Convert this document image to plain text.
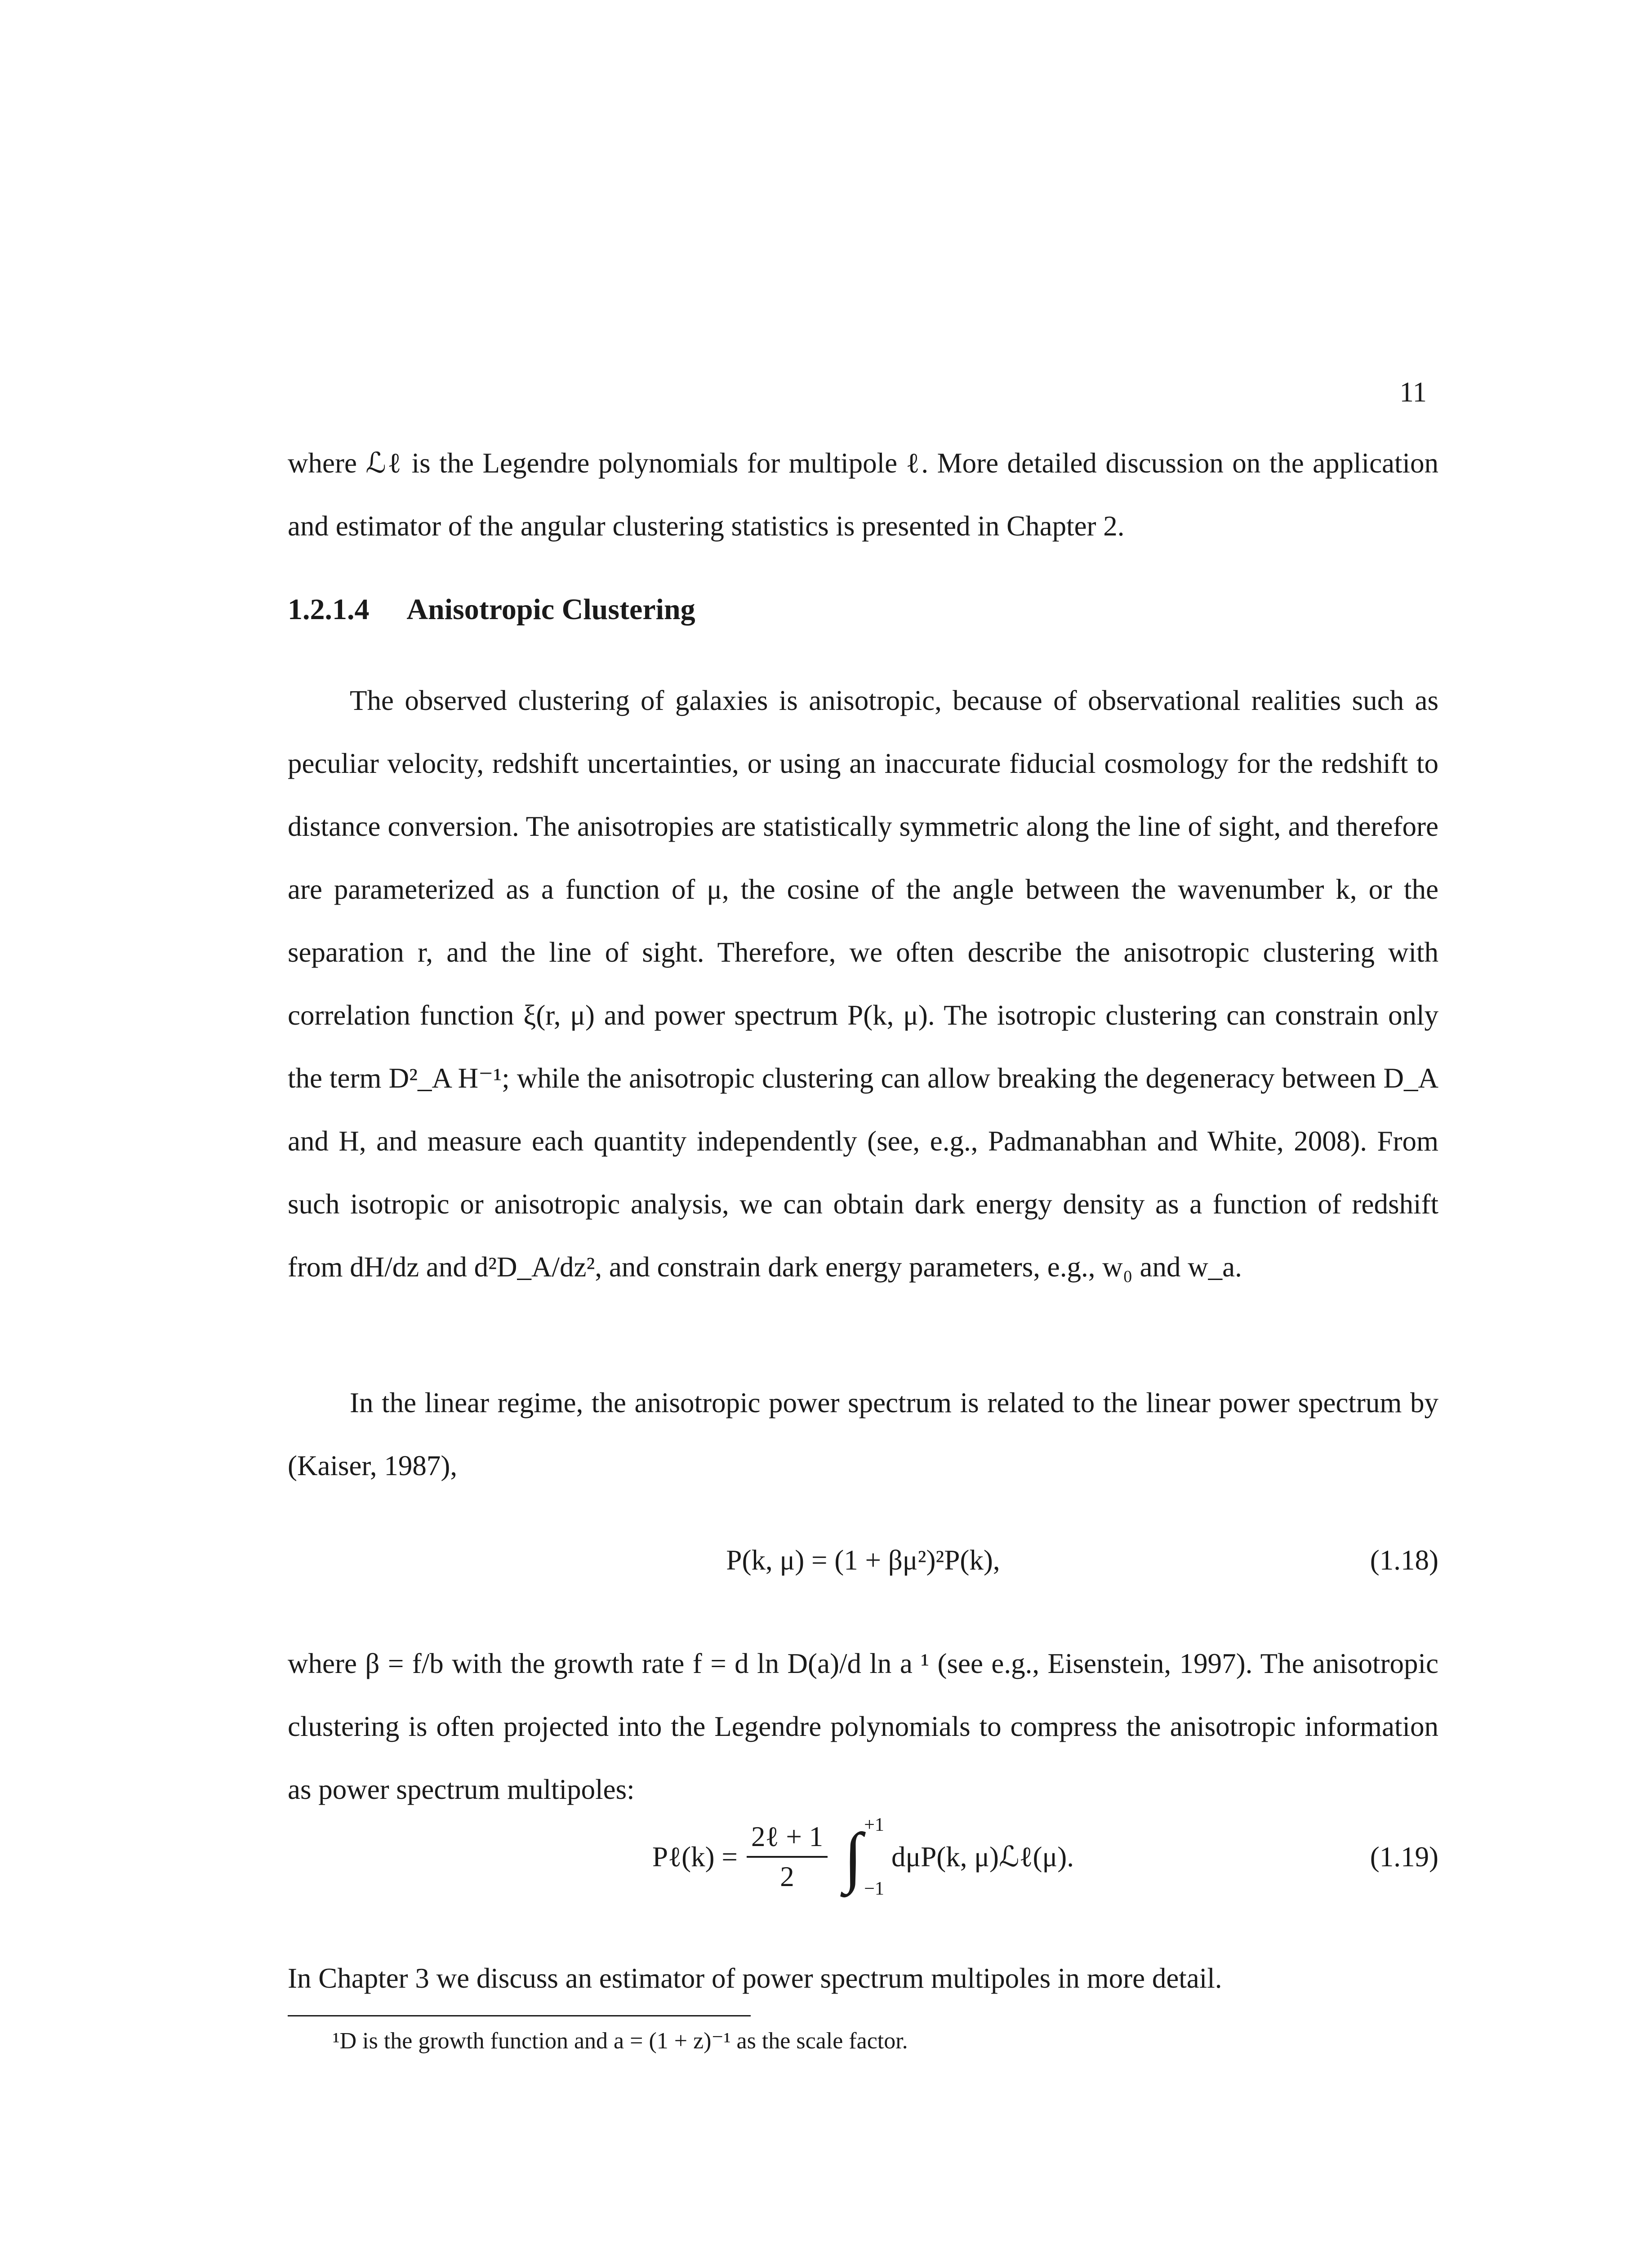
11

where ℒℓ is the Legendre polynomials for multipole ℓ. More detailed discussion on the application and estimator of the angular clustering statistics is presented in Chapter 2.

1.2.1.4 Anisotropic Clustering

The observed clustering of galaxies is anisotropic, because of observational realities such as peculiar velocity, redshift uncertainties, or using an inaccurate fiducial cosmology for the redshift to distance conversion. The anisotropies are statistically symmetric along the line of sight, and therefore are parameterized as a function of μ, the cosine of the angle between the wavenumber k, or the separation r, and the line of sight. Therefore, we often describe the anisotropic clustering with correlation function ξ(r, μ) and power spectrum P(k, μ). The isotropic clustering can constrain only the term D²_A H⁻¹; while the anisotropic clustering can allow breaking the degeneracy between D_A and H, and measure each quantity independently (see, e.g., Padmanabhan and White, 2008). From such isotropic or anisotropic analysis, we can obtain dark energy density as a function of redshift from dH/dz and d²D_A/dz², and constrain dark energy parameters, e.g., w₀ and w_a.

In the linear regime, the anisotropic power spectrum is related to the linear power spectrum by (Kaiser, 1987),

P(k, μ) = (1 + βμ²)²P(k),	(1.18)

where β = f/b with the growth rate f = d ln D(a)/d ln a ¹ (see e.g., Eisenstein, 1997). The anisotropic clustering is often projected into the Legendre polynomials to compress the anisotropic information as power spectrum multipoles:

Pℓ(k) = $\frac{\text{2ℓ + 1}}{2}$ ∫ +1
−1
dμP(k, μ)ℒℓ(μ).	(1.19)

In Chapter 3 we discuss an estimator of power spectrum multipoles in more detail.

¹D is the growth function and a = (1 + z)⁻¹ as the scale factor.
